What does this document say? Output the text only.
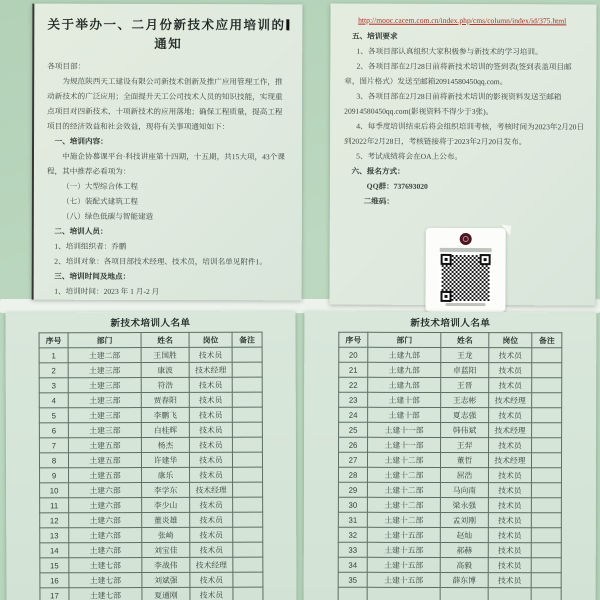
关于举办一、二月份新技术应用培训的
通知
各项目部：
为规范陕西天工建设有限公司新技术创新及推广应用管理工作，推动新技术的广泛应用；全面提升天工公司技术人员的知识技能，实现重点项目对四新技术、十项新技术的应用落地；确保工程质量，提高工程项目的经济效益和社会效益，现将有关事项通知如下：
一、培训内容：
中施企协慕课平台·科技讲座第十四期，十五期，共15大项，43个课程，其中推荐必看项为：
（一）大型综合体工程
（七）装配式建筑工程
（八）绿色低碳与智能建造
二、培训人员：
1、培训组织者：乔鹏
2、培训对象：各项目部技术经理、技术员，培训名单见附件1。
三、培训时间及地点：
1、培训时间：2023 年 1 月-2 月
http://mooc.cacem.com.cn/index.php/cms/column/index/id/375.html
五、培训要求
1、各项目部认真组织大家积极参与新技术的学习培训。
2、各项目部在2月28日前将新技术培训的签到表(签到表盖项目邮章，图片格式）发送至邮箱20914580450qq.com。
3、各项目部在2月28日前将新技术培训的影视资料发送至邮箱20914580450qq.com(影视资料不得少于3张)。
4、每季度培训结束后将会组织培训考核，考核时间为2023年2月20日到2022年2月28日，考核链接将于2023年2月20日发布。
5、考试成绩将会在OA上公布。
六、报名方式：
QQ群：737693020
二维码：
新技术培训人名单
序号	部门	姓名	岗位	备注
1	土建二部	王国胜	技术员	
2	土建三部	康波	技术经理	
3	土建三部	符浩	技术员	
4	土建三部	贾春阳	技术员	
5	土建三部	李鹏飞	技术员	
6	土建三部	白桂辉	技术员	
7	土建五部	杨杰	技术员	
8	土建五部	许建华	技术员	
9	土建五部	康乐	技术员	
10	土建六部	李学东	技术经理	
11	土建六部	李少山	技术员	
12	土建六部	董炎雄	技术员	
13	土建六部	张崎	技术员	
14	土建六部	刘宝佳	技术员	
15	土建七部	李战伟	技术经理	
16	土建七部	刘斌强	技术员	
17	土建七部	夏通刚	技术员	
新技术培训人名单
序号	部门	姓名	岗位	备注
20	土建九部	王龙	技术员	
21	土建九部	卓蓝阳	技术员	
22	土建九部	王晋	技术员	
23	土建十部	王志彬	技术经理	
24	土建十部	夏志强	技术员	
25	土建十一部	韩伟斌	技术经理	
26	土建十一部	王羿	技术员	
27	土建十二部	董哲	技术经理	
28	土建十二部	屈浩	技术员	
29	土建十二部	马向南	技术员	
30	土建十二部	梁永强	技术员	
31	土建十二部	孟刘刚	技术员	
32	土建十五部	赵灿	技术员	
33	土建十五部	郝赫	技术员	
34	土建十五部	高毅	技术员	
35	土建十五部	薛东博	技术员	
